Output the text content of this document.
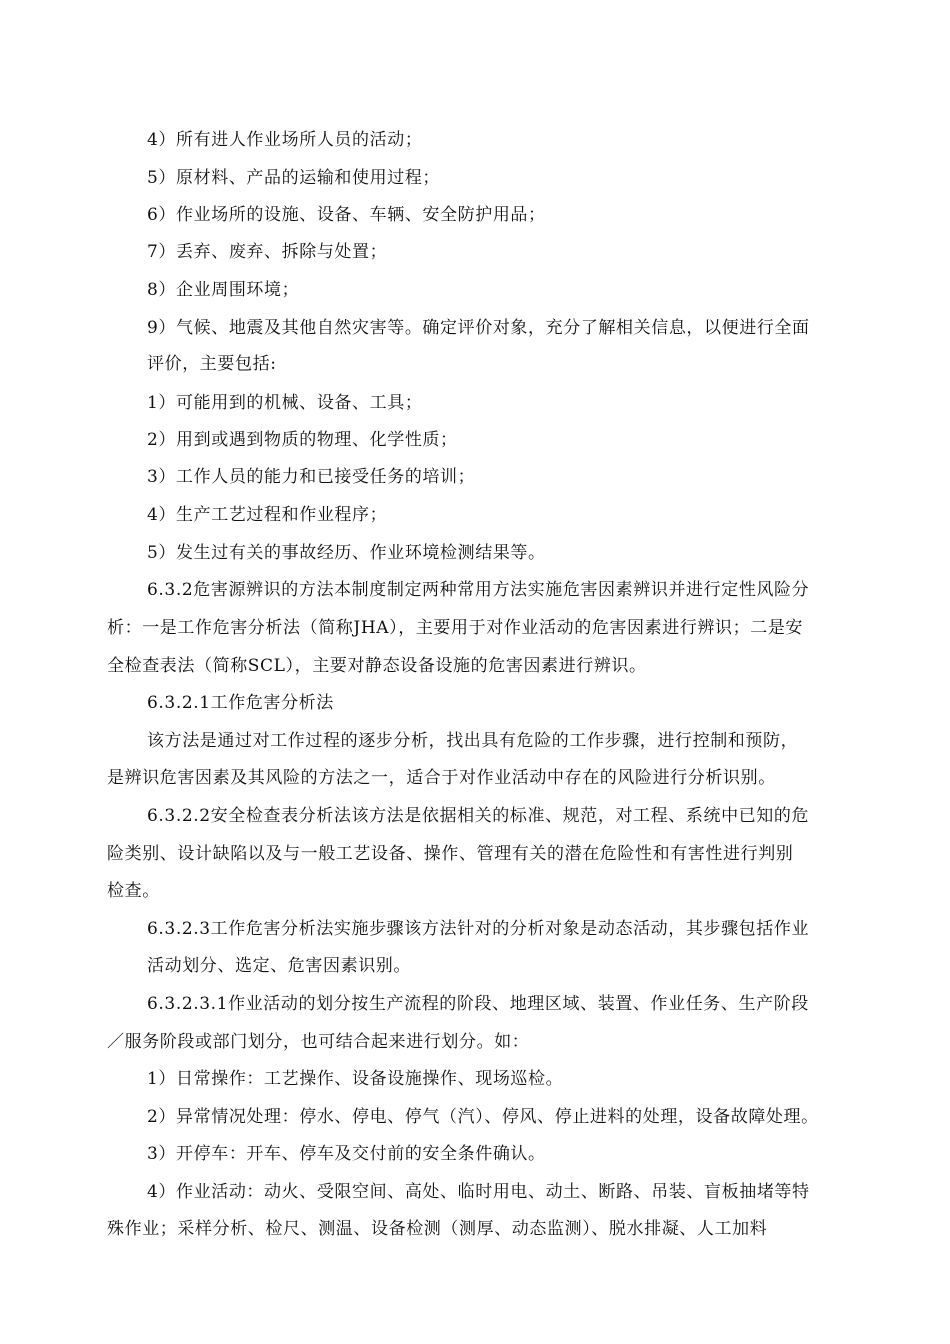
4）所有进人作业场所人员的活动；
5）原材料、产品的运输和使用过程；
6）作业场所的设施、设备、车辆、安全防护用品；
7）丢弃、废弃、拆除与处置；
8）企业周围环境；
9）气候、地震及其他自然灾害等。确定评价对象，充分了解相关信息，以便进行全面
评价，主要包括:
1）可能用到的机械、设备、工具；
2）用到或遇到物质的物理、化学性质；
3）工作人员的能力和已接受任务的培训；
4）生产工艺过程和作业程序；
5）发生过有关的事故经历、作业环境检测结果等。
6.3.2危害源辨识的方法本制度制定两种常用方法实施危害因素辨识并进行定性风险分
析：一是工作危害分析法（简称JHA），主要用于对作业活动的危害因素进行辨识；二是安
全检查表法（简称SCL），主要对静态设备设施的危害因素进行辨识。
6.3.2.1工作危害分析法
该方法是通过对工作过程的逐步分析，找出具有危险的工作步骤，进行控制和预防，
是辨识危害因素及其风险的方法之一，适合于对作业活动中存在的风险进行分析识别。
6.3.2.2安全检查表分析法该方法是依据相关的标准、规范，对工程、系统中已知的危
险类别、设计缺陷以及与一般工艺设备、操作、管理有关的潜在危险性和有害性进行判别
检查。
6.3.2.3工作危害分析法实施步骤该方法针对的分析对象是动态活动，其步骤包括作业
活动划分、选定、危害因素识别。
6.3.2.3.1作业活动的划分按生产流程的阶段、地理区域、装置、作业任务、生产阶段
／服务阶段或部门划分，也可结合起来进行划分。如：
1）日常操作：工艺操作、设备设施操作、现场巡检。
2）异常情况处理：停水、停电、停气（汽）、停风、停止进料的处理，设备故障处理。
3）开停车：开车、停车及交付前的安全条件确认。
4）作业活动：动火、受限空间、高处、临时用电、动土、断路、吊装、盲板抽堵等特
殊作业；采样分析、检尺、测温、设备检测（测厚、动态监测）、脱水排凝、人工加料
